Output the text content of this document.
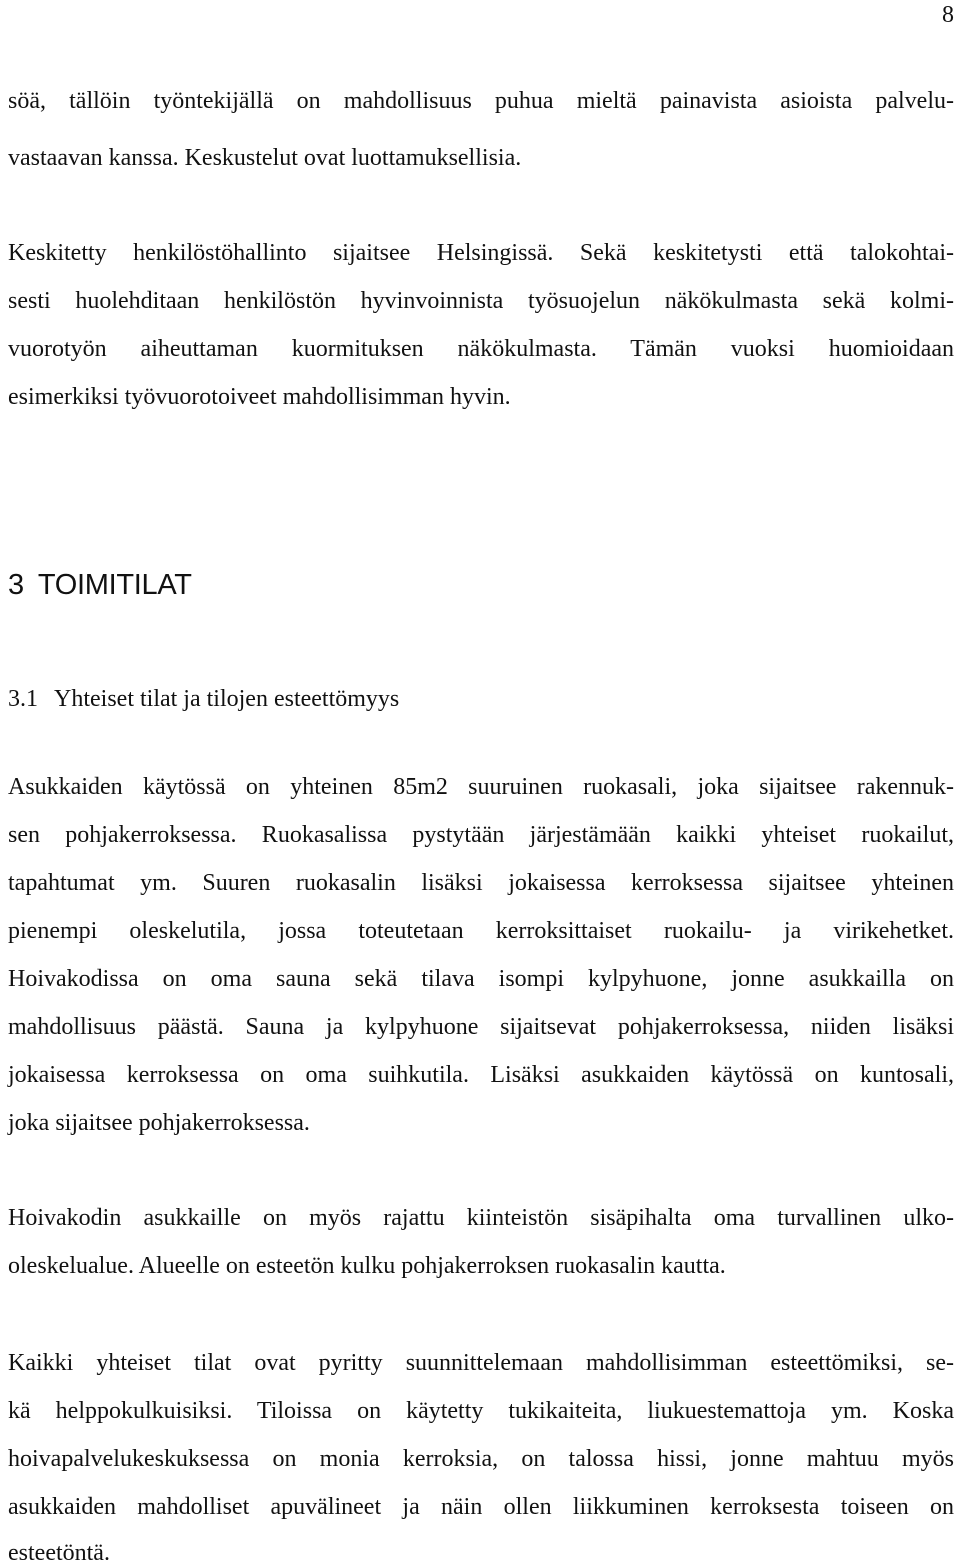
8
söä, tällöin työntekijällä on mahdollisuus puhua mieltä painavista asioista palvelu-
vastaavan kanssa. Keskustelut ovat luottamuksellisia.
Keskitetty henkilöstöhallinto sijaitsee Helsingissä. Sekä keskitetysti että talokohtai-
sesti huolehditaan henkilöstön hyvinvoinnista työsuojelun näkökulmasta sekä kolmi-
vuorotyön aiheuttaman kuormituksen näkökulmasta. Tämän vuoksi huomioidaan
esimerkiksi työvuorotoiveet mahdollisimman hyvin.
3 TOIMITILAT
3.1 Yhteiset tilat ja tilojen esteettömyys
Asukkaiden käytössä on yhteinen 85m2 suuruinen ruokasali, joka sijaitsee rakennuk-
sen pohjakerroksessa. Ruokasalissa pystytään järjestämään kaikki yhteiset ruokailut,
tapahtumat ym. Suuren ruokasalin lisäksi jokaisessa kerroksessa sijaitsee yhteinen
pienempi oleskelutila, jossa toteutetaan kerroksittaiset ruokailu- ja virikehetket.
Hoivakodissa on oma sauna sekä tilava isompi kylpyhuone, jonne asukkailla on
mahdollisuus päästä. Sauna ja kylpyhuone sijaitsevat pohjakerroksessa, niiden lisäksi
jokaisessa kerroksessa on oma suihkutila. Lisäksi asukkaiden käytössä on kuntosali,
joka sijaitsee pohjakerroksessa.
Hoivakodin asukkaille on myös rajattu kiinteistön sisäpihalta oma turvallinen ulko-
oleskelualue. Alueelle on esteetön kulku pohjakerroksen ruokasalin kautta.
Kaikki yhteiset tilat ovat pyritty suunnittelemaan mahdollisimman esteettömiksi, se-
kä helppokulkuisiksi. Tiloissa on käytetty tukikaiteita, liukuestemattoja ym. Koska
hoivapalvelukeskuksessa on monia kerroksia, on talossa hissi, jonne mahtuu myös
asukkaiden mahdolliset apuvälineet ja näin ollen liikkuminen kerroksesta toiseen on
esteetöntä.
